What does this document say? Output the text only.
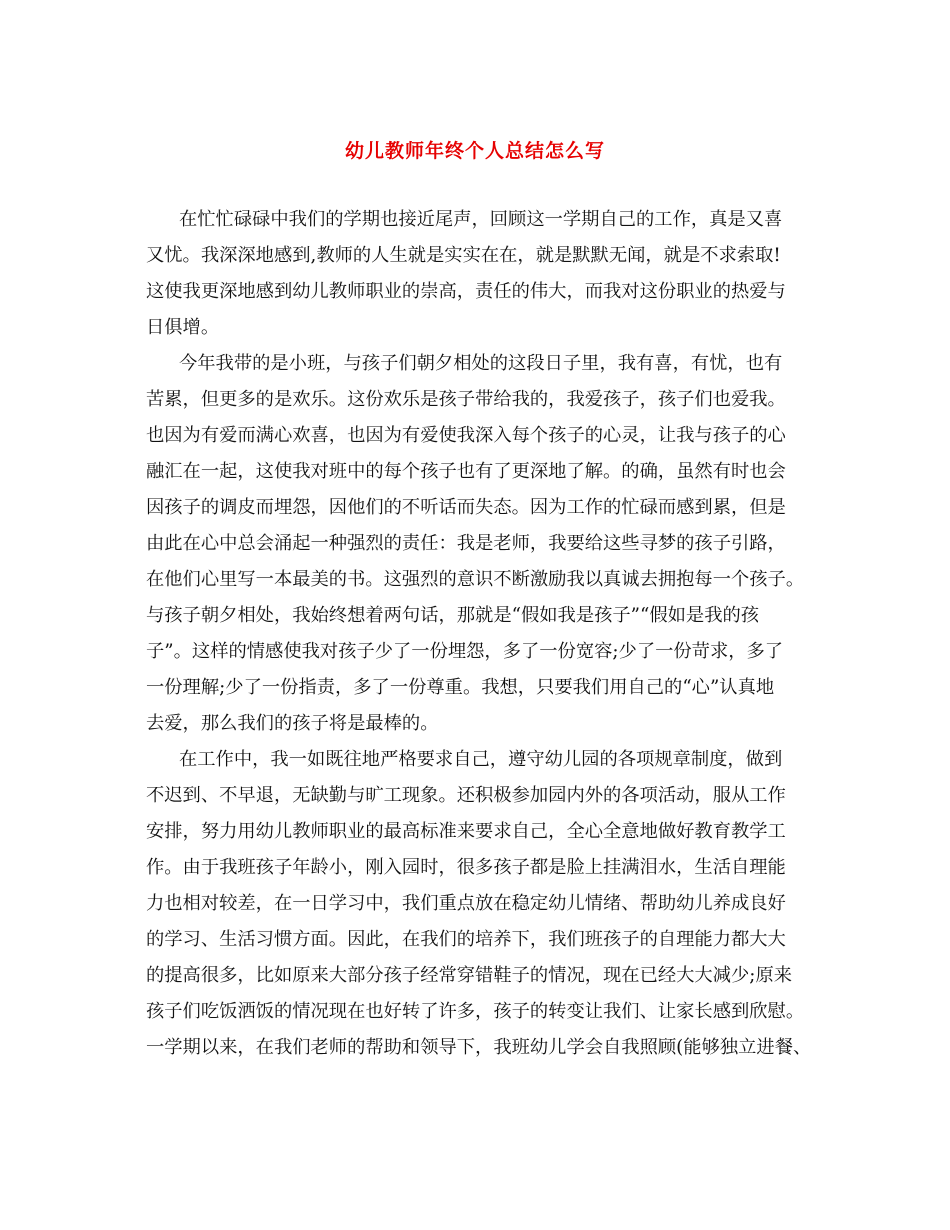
幼儿教师年终个人总结怎么写
在忙忙碌碌中我们的学期也接近尾声，回顾这一学期自己的工作，真是又喜
又忧。我深深地感到,教师的人生就是实实在在，就是默默无闻，就是不求索取!
这使我更深地感到幼儿教师职业的崇高，责任的伟大，而我对这份职业的热爱与
日俱增。
今年我带的是小班，与孩子们朝夕相处的这段日子里，我有喜，有忧，也有
苦累，但更多的是欢乐。这份欢乐是孩子带给我的，我爱孩子，孩子们也爱我。
也因为有爱而满心欢喜，也因为有爱使我深入每个孩子的心灵，让我与孩子的心
融汇在一起，这使我对班中的每个孩子也有了更深地了解。的确，虽然有时也会
因孩子的调皮而埋怨，因他们的不听话而失态。因为工作的忙碌而感到累，但是
由此在心中总会涌起一种强烈的责任：我是老师，我要给这些寻梦的孩子引路，
在他们心里写一本最美的书。这强烈的意识不断激励我以真诚去拥抱每一个孩子。
与孩子朝夕相处，我始终想着两句话，那就是“假如我是孩子”“假如是我的孩
子”。这样的情感使我对孩子少了一份埋怨，多了一份宽容;少了一份苛求，多了
一份理解;少了一份指责，多了一份尊重。我想，只要我们用自己的“心”认真地
去爱，那么我们的孩子将是最棒的。
在工作中，我一如既往地严格要求自己，遵守幼儿园的各项规章制度，做到
不迟到、不早退，无缺勤与旷工现象。还积极参加园内外的各项活动，服从工作
安排，努力用幼儿教师职业的最高标准来要求自己，全心全意地做好教育教学工
作。由于我班孩子年龄小，刚入园时，很多孩子都是脸上挂满泪水，生活自理能
力也相对较差，在一日学习中，我们重点放在稳定幼儿情绪、帮助幼儿养成良好
的学习、生活习惯方面。因此，在我们的培养下，我们班孩子的自理能力都大大
的提高很多，比如原来大部分孩子经常穿错鞋子的情况，现在已经大大减少;原来
孩子们吃饭洒饭的情况现在也好转了许多，孩子的转变让我们、让家长感到欣慰。
一学期以来，在我们老师的帮助和领导下，我班幼儿学会自我照顾(能够独立进餐、
